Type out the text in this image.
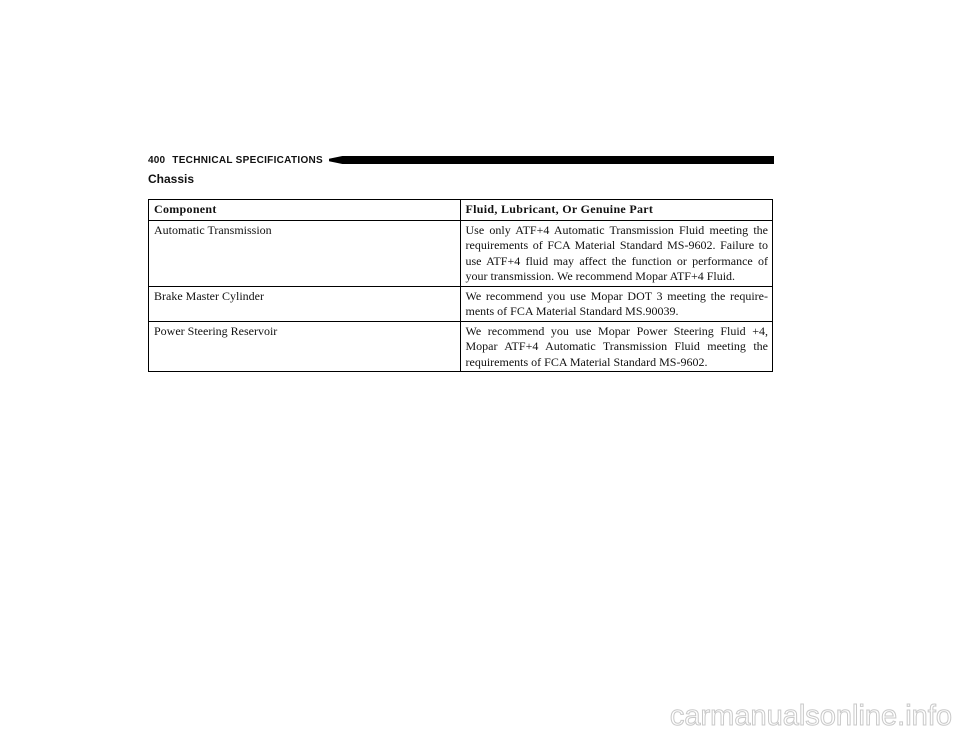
400 TECHNICAL SPECIFICATIONS
Chassis
Component	Fluid, Lubricant, Or Genuine Part
Automatic Transmission	Use only ATF+4 Automatic Transmission Fluid meeting the requirements of FCA Material Standard MS-9602. Failure to use ATF+4 fluid may affect the function or performance of your transmission. We recommend Mopar ATF+4 Fluid.
Brake Master Cylinder	We recommend you use Mopar DOT 3 meeting the require- ments of FCA Material Standard MS.90039.
Power Steering Reservoir	We recommend you use Mopar Power Steering Fluid +4, Mopar ATF+4 Automatic Transmission Fluid meeting the requirements of FCA Material Standard MS-9602.
carmanualsonline.info
